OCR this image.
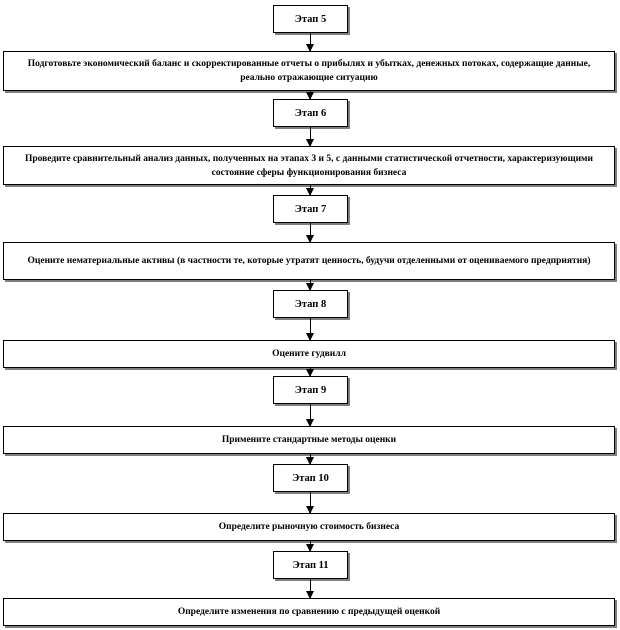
Этап 5
Подготовьте экономический баланс и скорректированные отчеты о прибылях и убытках, денежных потоках, содержащие данные, реально отражающие ситуацию
Этап 6
Проведите сравнительный анализ данных, полученных на этапах 3 и 5, с данными статистической отчетности, характеризующими состояние сферы функционирования бизнеса
Этап 7
Оцените нематериальные активы (в частности те, которые утратят ценность, будучи отделенными от оцениваемого предприятия)
Этап 8
Оцените гудвилл
Этап 9
Примените стандартные методы оценки
Этап 10
Определите рыночную стоимость бизнеса
Этап 11
Определите изменения по сравнению с предыдущей оценкой
